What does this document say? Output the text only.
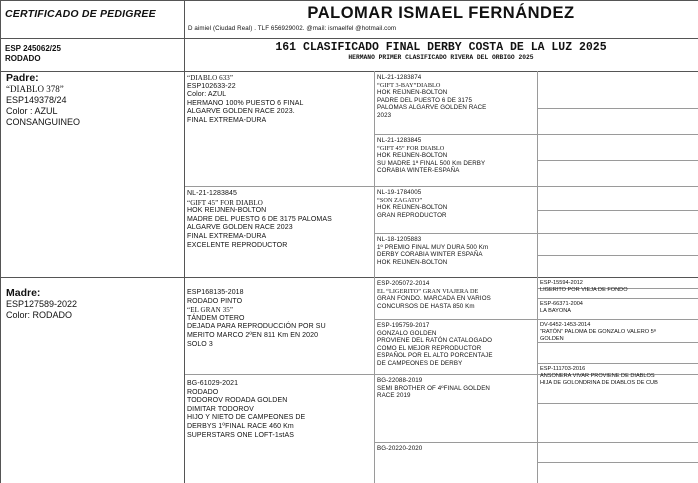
CERTIFICADO DE PEDIGREE	PALOMAR ISMAEL FERNÁNDEZ
D aimiel (Ciudad Real) . TLF 656929002. @mail: ismaelfel @hotmail.com
ESP 245062/25
RODADO
161 CLASIFICADO FINAL DERBY COSTA DE LA LUZ 2025
HERMANO PRIMER CLASIFICADO RIVERA DEL ORBIGO 2025
Padre:
“DIABLO 378”
ESP149378/24
Color : AZUL
CONSANGUINEO
Madre:
ESP127589-2022
Color: RODADO
“DIABLO 633”
ESP102633-22
Color: AZUL
HERMANO 100% PUESTO 6 FINAL
ALGARVE GOLDEN RACE 2023.
FINAL EXTREMA-DURA
NL-21-1283845
“GIFT 45” FOR DIABLO
HOK REIJNEN-BOLTON
MADRE DEL PUESTO 6 DE 3175 PALOMAS
ALGARVE GOLDEN RACE 2023
FINAL EXTREMA-DURA
EXCELENTE REPRODUCTOR
ESP168135-2018
RODADO PINTO
“EL GRAN 35”
TÁNDEM OTERO
DEJADA PARA REPRODUCCIÓN POR SU
MERITO MARCO 2ºEN 811 Km EN 2020
SOLO 3
BG-61029-2021
RODADO
TODOROV RODADA GOLDEN
DIMITAR TODOROV
HIJO Y NIETO DE CAMPEONES DE
DERBYS 1ºFINAL RACE 460 Km
SUPERSTARS ONE LOFT-1stAS
NL-21-1283874
“GIFT 3-BAY”DIABLO
HOK REIJNEN-BOLTON
PADRE DEL PUESTO 6 DE 3175
PALOMAS ALGARVE GOLDEN RACE
2023
NL-21-1283845
“GIFT 45” FOR DIABLO
HOK REIJNEN-BOLTON
SU MADRE 1ª FINAL 500 Km DERBY
CORABIA WINTER-ESPAÑA
NL-19-1784005
“SON ZAGATO”
HOK REIJNEN-BOLTON
GRAN REPRODUCTOR
NL-18-1205883
1º PREMIO FINAL MUY DURA 500 Km
DERBY CORABIA WINTER ESPAÑA
HOK REIJNEN-BOLTON
ESP-205072-2014
EL “LIGERITO” GRAN VIAJERA DE
GRAN FONDO. MARCADA EN VARIOS
CONCURSOS DE HASTA 850 Km
ESP-195759-2017
GONZALO GOLDEN
PROVIENE DEL RATÓN CATALOGADO
COMO EL MEJOR REPRODUCTOR
ESPAÑOL POR EL ALTO PORCENTAJE
DE CAMPEONES DE DERBY
BG-22088-2019
SEMI BROTHER OF 4ºFINAL GOLDEN
RACE 2019
BG-20220-2020
ESP-15594-2012
LIGERITO POR VIEJA DE FONDO
ESP-66371-2004
LA BAYONA
DV-6452-1453-2014
“RATÓN” PALOMA DE GONZALO VALERO 5ª
GOLDEN
ESP-111703-2016
ANSONERA VIVAR PROVIENE DE DIABLOS
HIJA DE GOLONDRINA DE DIABLOS DE CUB
